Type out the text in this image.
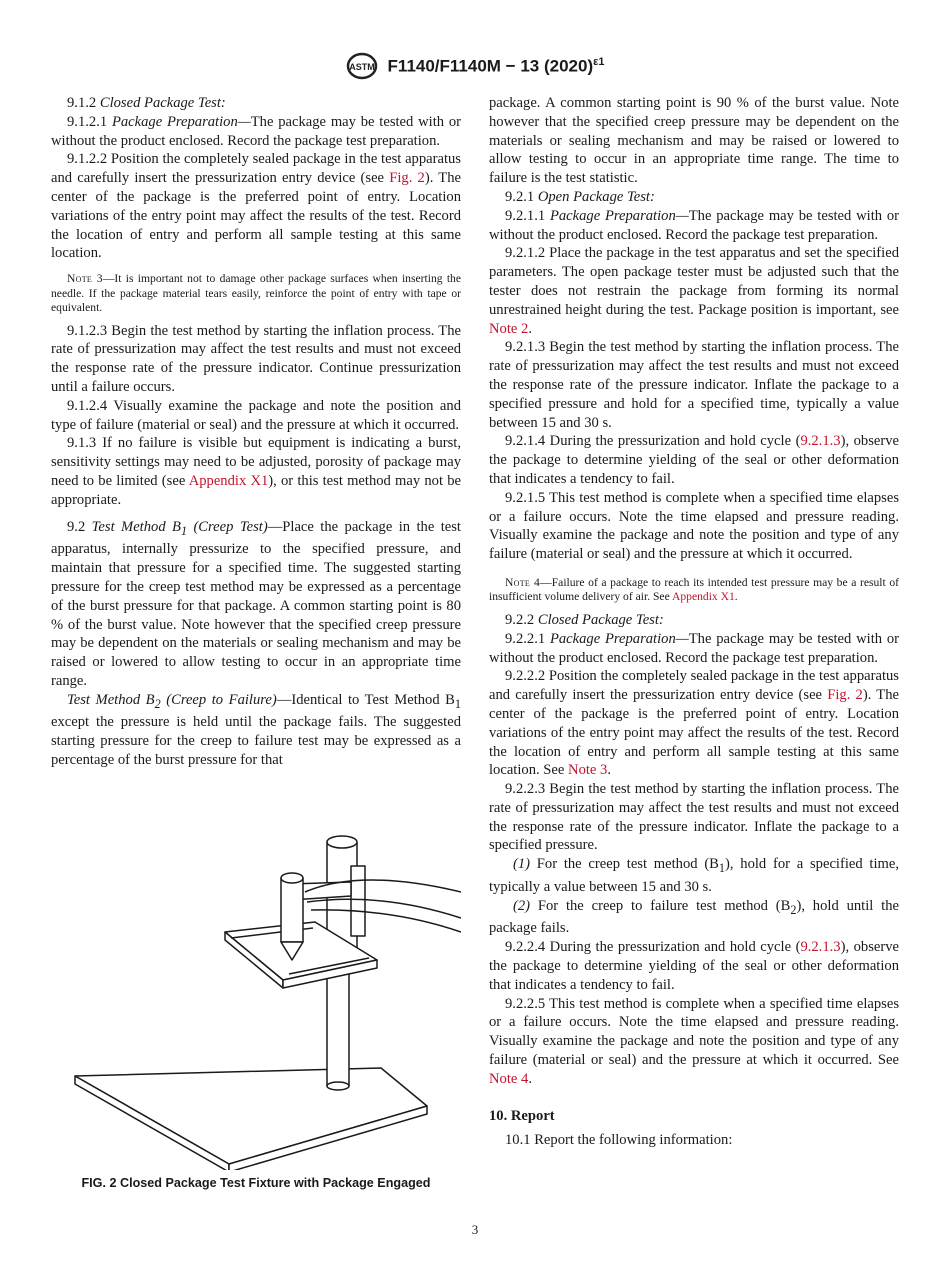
ASTM F1140/F1140M − 13 $(2020)^{\varepsilon 1}$

9.1.2 Closed Package Test:

9.1.2.1 Package Preparation—The package may be tested with or without the product enclosed. Record the package test preparation.

9.1.2.2 Position the completely sealed package in the test apparatus and carefully insert the pressurization entry device (see Fig. 2). The center of the package is the preferred point of entry. Location variations of the entry point may affect the results of the test. Record the location of entry and perform all sample testing at this same location.

Note 3—It is important not to damage other package surfaces when inserting the needle. If the package material tears easily, reinforce the point of entry with tape or equivalent.

9.1.2.3 Begin the test method by starting the inflation process. The rate of pressurization may affect the test results and must not exceed the response rate of the pressure indicator. Continue pressurization until a failure occurs.

9.1.2.4 Visually examine the package and note the position and type of failure (material or seal) and the pressure at which it occurred.

9.1.3 If no failure is visible but equipment is indicating a burst, sensitivity settings may need to be adjusted, porosity of package may need to be limited (see Appendix X1), or this test method may not be appropriate.

9.2 Test Method $B_1$ (Creep Test)—Place the package in the test apparatus, internally pressurize to the specified pressure, and maintain that pressure for a specified time. The suggested starting pressure for the creep test method may be expressed as a percentage of the burst pressure for that package. A common starting point is 80 % of the burst value. Note however that the specified creep pressure may be dependent on the materials or sealing mechanism and may be raised or lowered to allow testing to occur in an appropriate time range.

Test Method $B_2$ (Creep to Failure)—Identical to Test Method $B_1$ except the pressure is held until the package fails. The suggested starting pressure for the creep to failure test may be expressed as a percentage of the burst pressure for that

FIG. 2 Closed Package Test Fixture with Package Engaged

package. A common starting point is 90 % of the burst value. Note however that the specified creep pressure may be dependent on the materials or sealing mechanism and may be raised or lowered to allow testing to occur in an appropriate time range. The time to failure is the test statistic.

9.2.1 Open Package Test:

9.2.1.1 Package Preparation—The package may be tested with or without the product enclosed. Record the package test preparation.

9.2.1.2 Place the package in the test apparatus and set the specified parameters. The open package tester must be adjusted such that the tester does not restrain the package from forming its normal unrestrained height during the test. Package position is important, see Note 2.

9.2.1.3 Begin the test method by starting the inflation process. The rate of pressurization may affect the test results and must not exceed the response rate of the pressure indicator. Inflate the package to a specified pressure and hold for a specified time, typically a value between 15 and 30 s.

9.2.1.4 During the pressurization and hold cycle (9.2.1.3), observe the package to determine yielding of the seal or other deformation that indicates a tendency to fail.

9.2.1.5 This test method is complete when a specified time elapses or a failure occurs. Note the time elapsed and pressure reading. Visually examine the package and note the position and type of any failure (material or seal) and the pressure at which it occurred.

Note 4—Failure of a package to reach its intended test pressure may be a result of insufficient volume delivery of air. See Appendix X1.

9.2.2 Closed Package Test:

9.2.2.1 Package Preparation—The package may be tested with or without the product enclosed. Record the package test preparation.

9.2.2.2 Position the completely sealed package in the test apparatus and carefully insert the pressurization entry device (see Fig. 2). The center of the package is the preferred point of entry. Location variations of the entry point may affect the results of the test. Record the location of entry and perform all sample testing at this same location. See Note 3.

9.2.2.3 Begin the test method by starting the inflation process. The rate of pressurization may affect the test results and must not exceed the response rate of the pressure indicator. Inflate the package to a specified pressure.

(1) For the creep test method $(B_1)$, hold for a specified time, typically a value between 15 and 30 s.

(2) For the creep to failure test method $(B_2)$, hold until the package fails.

9.2.2.4 During the pressurization and hold cycle (9.2.1.3), observe the package to determine yielding of the seal or other deformation that indicates a tendency to fail.

9.2.2.5 This test method is complete when a specified time elapses or a failure occurs. Note the time elapsed and pressure reading. Visually examine the package and note the position and type of any failure (material or seal) and the pressure at which it occurred. See Note 4.

10. Report

10.1 Report the following information:

3
